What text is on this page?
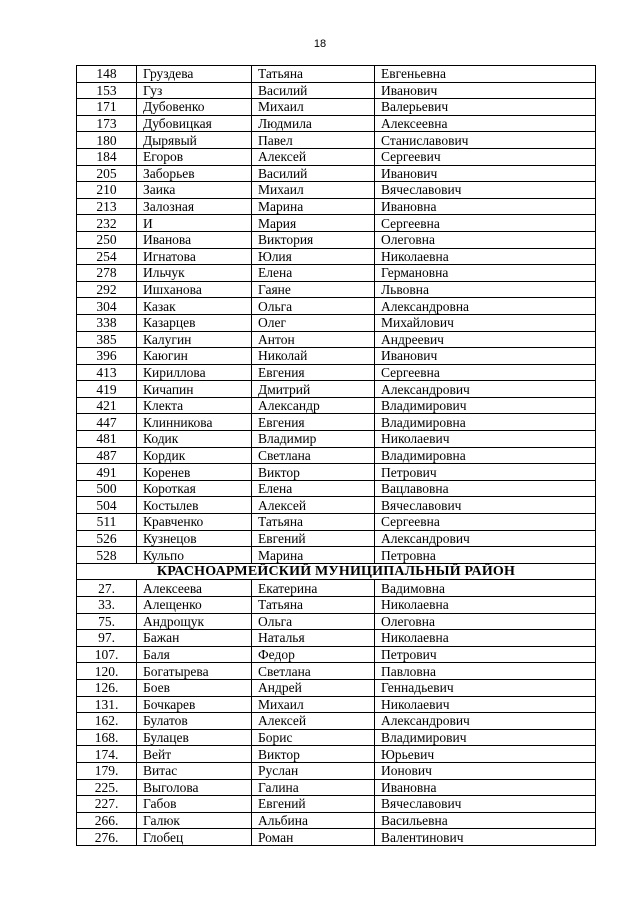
18
148	Груздева	Татьяна	Евгеньевна
153	Гуз	Василий	Иванович
171	Дубовенко	Михаил	Валерьевич
173	Дубовицкая	Людмила	Алексеевна
180	Дырявый	Павел	Станиславович
184	Егоров	Алексей	Сергеевич
205	Заборьев	Василий	Иванович
210	Заика	Михаил	Вячеславович
213	Залозная	Марина	Ивановна
232	И	Мария	Сергеевна
250	Иванова	Виктория	Олеговна
254	Игнатова	Юлия	Николаевна
278	Ильчук	Елена	Германовна
292	Ишханова	Гаяне	Львовна
304	Казак	Ольга	Александровна
338	Казарцев	Олег	Михайлович
385	Калугин	Антон	Андреевич
396	Каюгин	Николай	Иванович
413	Кириллова	Евгения	Сергеевна
419	Кичапин	Дмитрий	Александрович
421	Клекта	Александр	Владимирович
447	Клинникова	Евгения	Владимировна
481	Кодик	Владимир	Николаевич
487	Кордик	Светлана	Владимировна
491	Коренев	Виктор	Петрович
500	Короткая	Елена	Вацлавовна
504	Костылев	Алексей	Вячеславович
511	Кравченко	Татьяна	Сергеевна
526	Кузнецов	Евгений	Александрович
528	Кульпо	Марина	Петровна
КРАСНОАРМЕЙСКИЙ МУНИЦИПАЛЬНЫЙ РАЙОН			
27.	Алексеева	Екатерина	Вадимовна
33.	Алещенко	Татьяна	Николаевна
75.	Андрощук	Ольга	Олеговна
97.	Бажан	Наталья	Николаевна
107.	Баля	Федор	Петрович
120.	Богатырева	Светлана	Павловна
126.	Боев	Андрей	Геннадьевич
131.	Бочкарев	Михаил	Николаевич
162.	Булатов	Алексей	Александрович
168.	Булацев	Борис	Владимирович
174.	Вейт	Виктор	Юрьевич
179.	Витас	Руслан	Ионович
225.	Выголова	Галина	Ивановна
227.	Габов	Евгений	Вячеславович
266.	Галюк	Альбина	Васильевна
276.	Глобец	Роман	Валентинович
